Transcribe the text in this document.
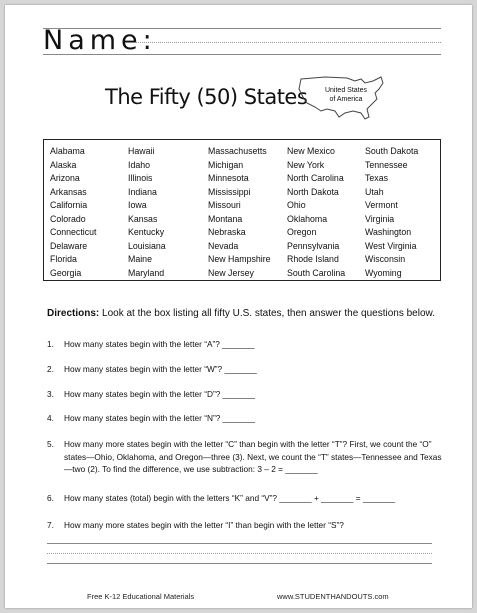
Name:
The Fifty (50) States	United States
of America
Alabama
Alaska
Arizona
Arkansas
California
Colorado
Connecticut
Delaware
Florida
Georgia
Hawaii
Idaho
Illinois
Indiana
Iowa
Kansas
Kentucky
Louisiana
Maine
Maryland
Massachusetts
Michigan
Minnesota
Mississippi
Missouri
Montana
Nebraska
Nevada
New Hampshire
New Jersey
New Mexico
New York
North Carolina
North Dakota
Ohio
Oklahoma
Oregon
Pennsylvania
Rhode Island
South Carolina
South Dakota
Tennessee
Texas
Utah
Vermont
Virginia
Washington
West Virginia
Wisconsin
Wyoming
Directions: Look at the box listing all fifty U.S. states, then answer the questions below.
1. How many states begin with the letter “A”? _______
2. How many states begin with the letter “W”? _______
3. How many states begin with the letter “D”? _______
4. How many states begin with the letter “N”? _______
5. How many more states begin with the letter “C” than begin with the letter “T”? First, we count the “O” states—Ohio, Oklahoma, and Oregon—three (3). Next, we count the “T” states—Tennessee and Texas—two (2). To find the difference, we use subtraction: 3 – 2 = _______
6. How many states (total) begin with the letters “K” and “V”? _______ + _______ = _______
7. How many more states begin with the letter “I” than begin with the letter “S”?
Free K-12 Educational Materials	www.STUDENTHANDOUTS.com
